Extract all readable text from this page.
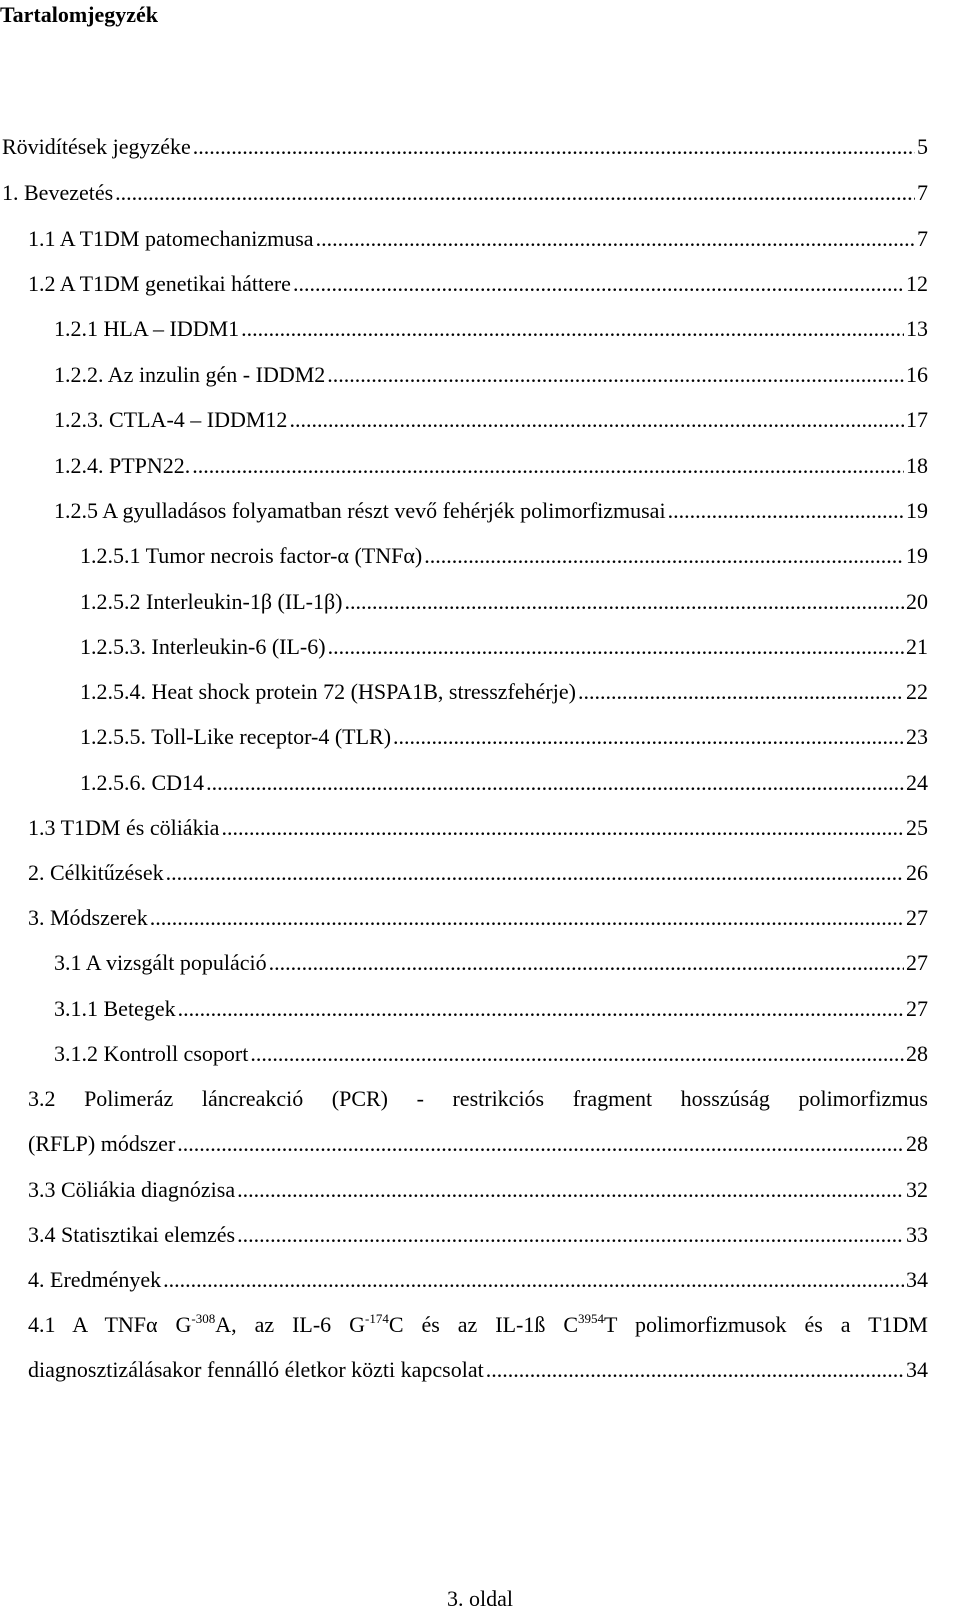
Tartalomjegyzék
Rövidítések jegyzéke .....	5
1. Bevezetés .....	7
1.1 A T1DM patomechanizmusa .....	7
1.2 A T1DM genetikai háttere .....	12
1.2.1 HLA – IDDM1 .....	13
1.2.2. Az inzulin gén - IDDM2 .....	16
1.2.3. CTLA-4 – IDDM12 .....	17
1.2.4. PTPN22. .....	18
1.2.5 A gyulladásos folyamatban részt vevő fehérjék polimorfizmusai .....	19
1.2.5.1 Tumor necrois factor-α (TNFα) .....	19
1.2.5.2 Interleukin-1β (IL-1β) .....	20
1.2.5.3. Interleukin-6 (IL-6) .....	21
1.2.5.4. Heat shock protein 72 (HSPA1B, stresszfehérje) .....	22
1.2.5.5. Toll-Like receptor-4 (TLR) .....	23
1.2.5.6. CD14 .....	24
1.3 T1DM és cöliákia .....	25
2. Célkitűzések .....	26
3. Módszerek .....	27
3.1 A vizsgált populáció .....	27
3.1.1 Betegek .....	27
3.1.2 Kontroll csoport .....	28
3.2 Polimeráz láncreakció (PCR) - restrikciós fragment hosszúság polimorfizmus
(RFLP) módszer .....	28
3.3 Cöliákia diagnózisa .....	32
3.4 Statisztikai elemzés .....	33
4. Eredmények .....	34
4.1 A TNFα $G^{-308}A$, az IL-6 $G^{-174}C$ és az IL-1ß $C^{3954}T$ polimorfizmusok és a T1DM
diagnosztizálásakor fennálló életkor közti kapcsolat .....	34
3. oldal
